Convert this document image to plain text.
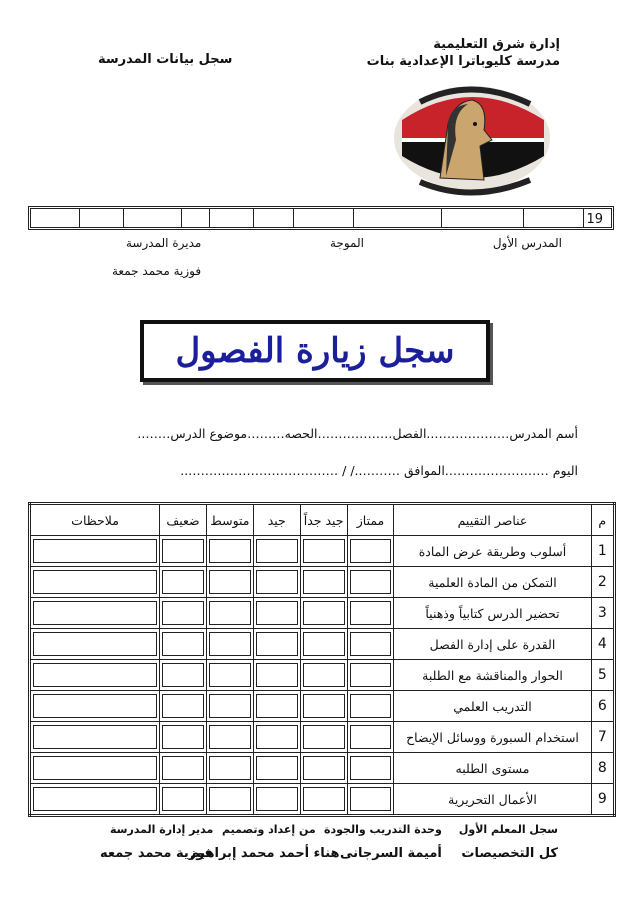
إدارة شرق التعليمية
مدرسة كليوباترا الإعدادية بنات
سجل بيانات المدرسة
19
المدرس الأول
الموجة
مديرة المدرسة
فوزية محمد جمعة
سجل زيارة الفصول
أسم المدرس………………..الفصل………………الحصه………موضوع الدرس……..
اليوم …………………….الموافق ………../ / ………………………………..
م	عناصر التقييم	ممتاز	جيد جداً	جيد	متوسط	ضعيف	ملاحظات
1	أسلوب وطريقة عرض المادة	

2	التمكن من المادة العلمية	

3	تحضير الدرس كتابياً وذهنياً	

4	القدرة على إدارة الفصل	

5	الحوار والمناقشة مع الطلبة	

6	التدريب العلمي	

7	استخدام السبورة ووسائل الإيضاح	

8	مستوى الطلبه	

9	الأعمال التحريرية	

سجل المعلم الأول
وحدة التدريب والجودة
من إعداد وتصميم
مدير إدارة المدرسة
كل التخصيصات
أميمة السرجانى
هناء أحمد محمد إبراهيم
فوزية محمد جمعه
